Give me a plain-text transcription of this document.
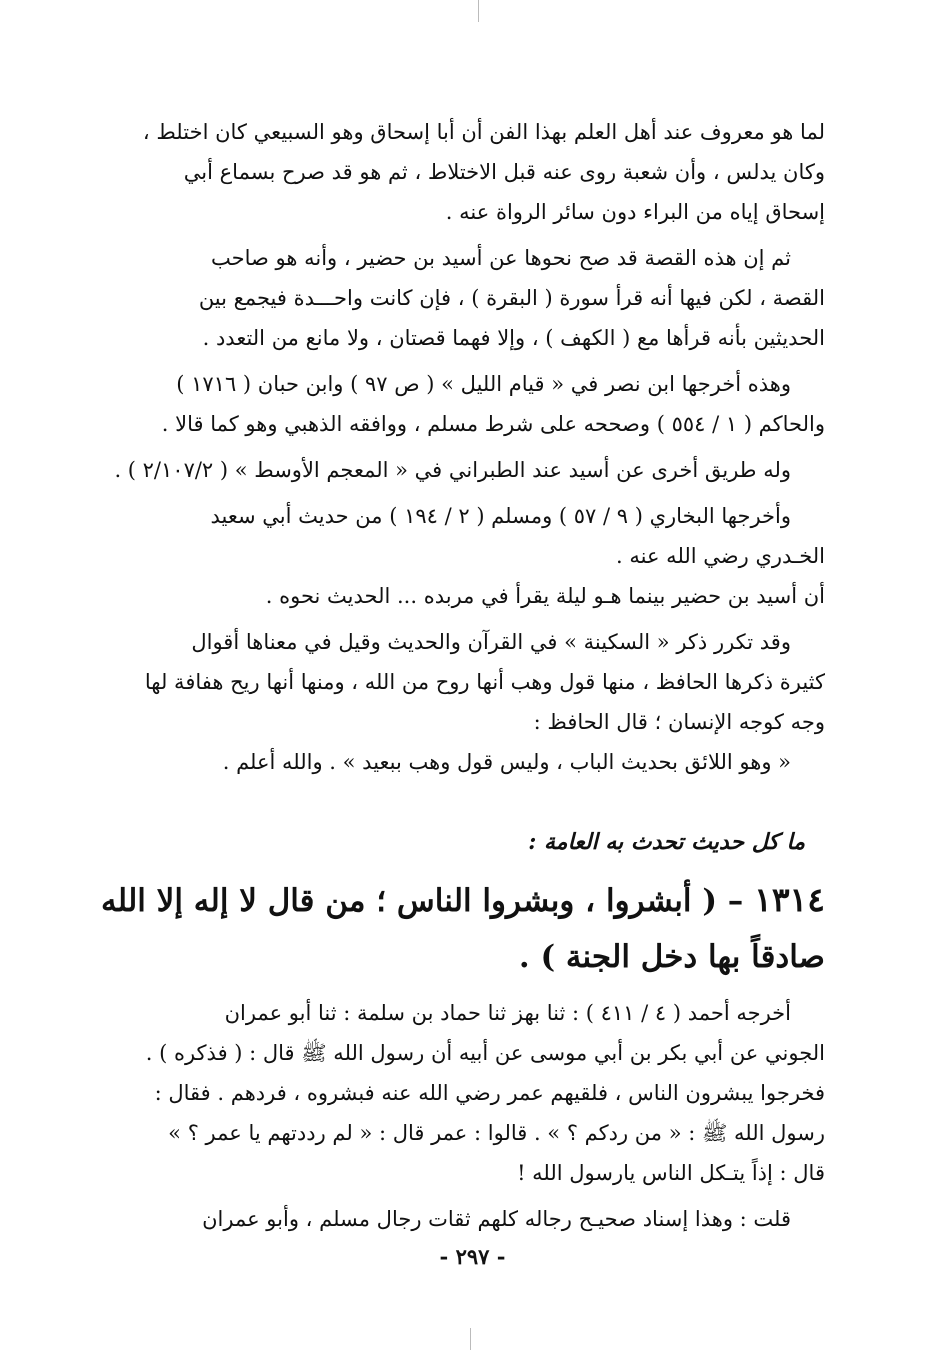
لما هو معروف عند أهل العلم بهذا الفن أن أبا إسحاق وهو السبيعي كان اختلط ،
وكان يدلس ، وأن شعبة روى عنه قبل الاختلاط ، ثم هو قد صرح بسماع أبي
إسحاق إياه من البراء دون سائر الرواة عنه .

ثم إن هذه القصة قد صح نحوها عن أسيد بن حضير ، وأنه هو صاحب
القصة ، لكن فيها أنه قرأ سورة ( البقرة ) ، فإن كانت واحـــدة فيجمع بين
الحديثين بأنه قرأها مع ( الكهف ) ، وإلا فهما قصتان ، ولا مانع من التعدد .

وهذه أخرجها ابن نصر في « قيام الليل » ( ص ٩٧ ) وابن حبان ( ١٧١٦ )
والحاكم ( ١ / ٥٥٤ ) وصححه على شرط مسلم ، ووافقه الذهبي وهو كما قالا .

وله طريق أخرى عن أسيد عند الطبراني في « المعجم الأوسط » ( ٢/١٠٧/٢ ) .

وأخرجها البخاري ( ٩ / ٥٧ ) ومسلم ( ٢ / ١٩٤ ) من حديث أبي سعيد
الخـدري رضي الله عنه .

أن أسيد بن حضير بينما هـو ليلة يقرأ في مربده ... الحديث نحوه .

وقد تكرر ذكر « السكينة » في القرآن والحديث وقيل في معناها أقوال
كثيرة ذكرها الحافظ ، منها قول وهب أنها روح من الله ، ومنها أنها ريح هفافة لها
وجه كوجه الإنسان ؛ قال الحافظ :

« وهو اللائق بحديث الباب ، وليس قول وهب ببعيد » . والله أعلم .

ما كل حديث تحدث به العامة :
١٣١٤ – ( أبشروا ، وبشروا الناس ؛ من قال لا إله إلا الله
صادقاً بها دخل الجنة ) .

أخرجه أحمد ( ٤ / ٤١١ ) : ثنا بهز ثنا حماد بن سلمة : ثنا أبو عمران
الجوني عن أبي بكر بن أبي موسى عن أبيه أن رسول الله ﷺ قال : ( فذكره ) .
فخرجوا يبشرون الناس ، فلقيهم عمر رضي الله عنه فبشروه ، فردهم . فقال :
رسول الله ﷺ : « من ردكم ؟ » . قالوا : عمر قال : « لم رددتهم يا عمر ؟ »
قال : إذاً يتـكل الناس يارسول الله !

قلت : وهذا إسناد صحيـح رجاله كلهم ثقات رجال مسلم ، وأبو عمران

- ٢٩٧ -
